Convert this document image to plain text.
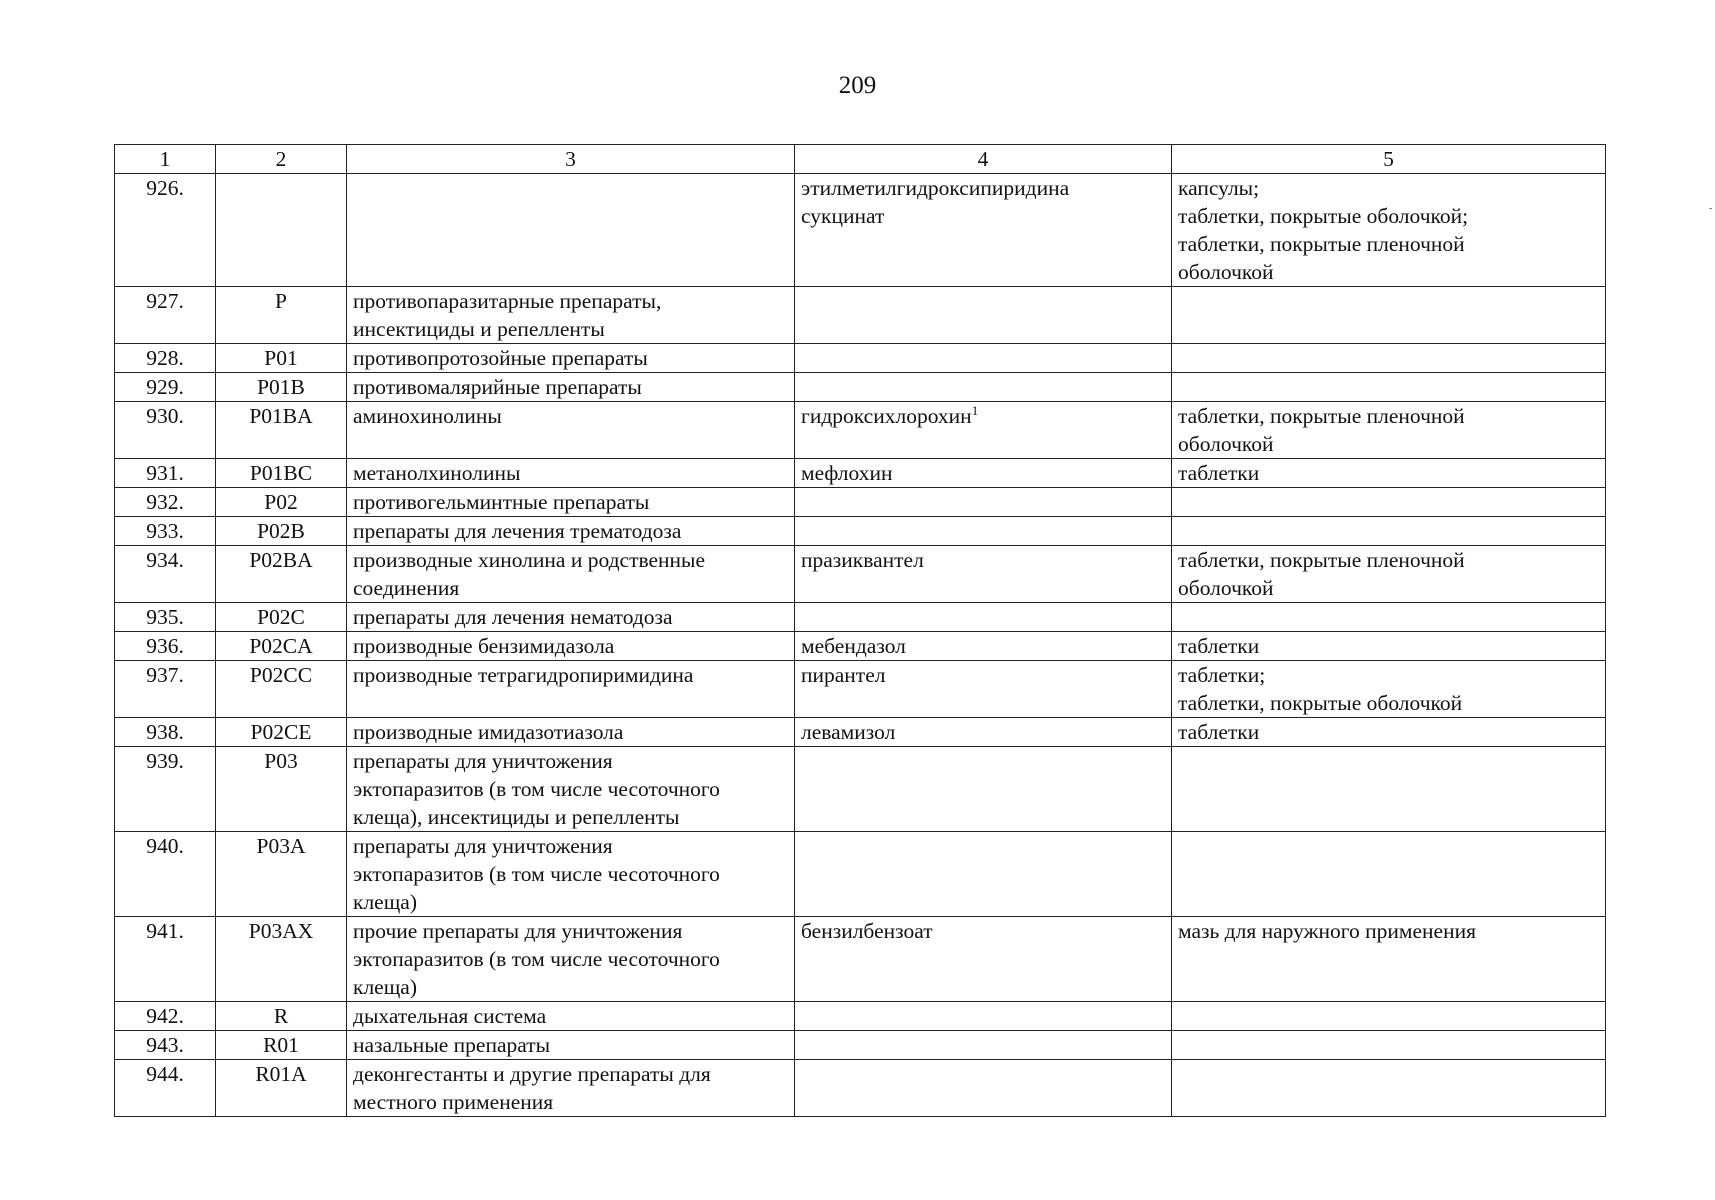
209
1	2	3	4	5

926.			этилметилгидроксипиридина
сукцинат	капсулы;
таблетки, покрытые оболочкой;
таблетки, покрытые пленочной
оболочкой

927.	P	противопаразитарные препараты,
инсектициды и репелленты		

928.	P01	противопротозойные препараты		

929.	P01B	противомалярийные препараты		

930.	P01BA	аминохинолины	гидроксихлорохин$^1$	таблетки, покрытые пленочной
оболочкой

931.	P01BC	метанолхинолины	мефлохин	таблетки

932.	P02	противогельминтные препараты		

933.	P02B	препараты для лечения трематодоза		

934.	P02BA	производные хинолина и родственные
соединения	празиквантел	таблетки, покрытые пленочной
оболочкой

935.	P02C	препараты для лечения нематодоза		

936.	P02CA	производные бензимидазола	мебендазол	таблетки

937.	P02CC	производные тетрагидропиримидина	пирантел	таблетки;
таблетки, покрытые оболочкой

938.	P02CE	производные имидазотиазола	левамизол	таблетки

939.	P03	препараты для уничтожения
эктопаразитов (в том числе чесоточного
клеща), инсектициды и репелленты		

940.	P03A	препараты для уничтожения
эктопаразитов (в том числе чесоточного
клеща)		

941.	P03AX	прочие препараты для уничтожения
эктопаразитов (в том числе чесоточного
клеща)	бензилбензоат	мазь для наружного применения

942.	R	дыхательная система		

943.	R01	назальные препараты		

944.	R01A	деконгестанты и другие препараты для
местного применения		
